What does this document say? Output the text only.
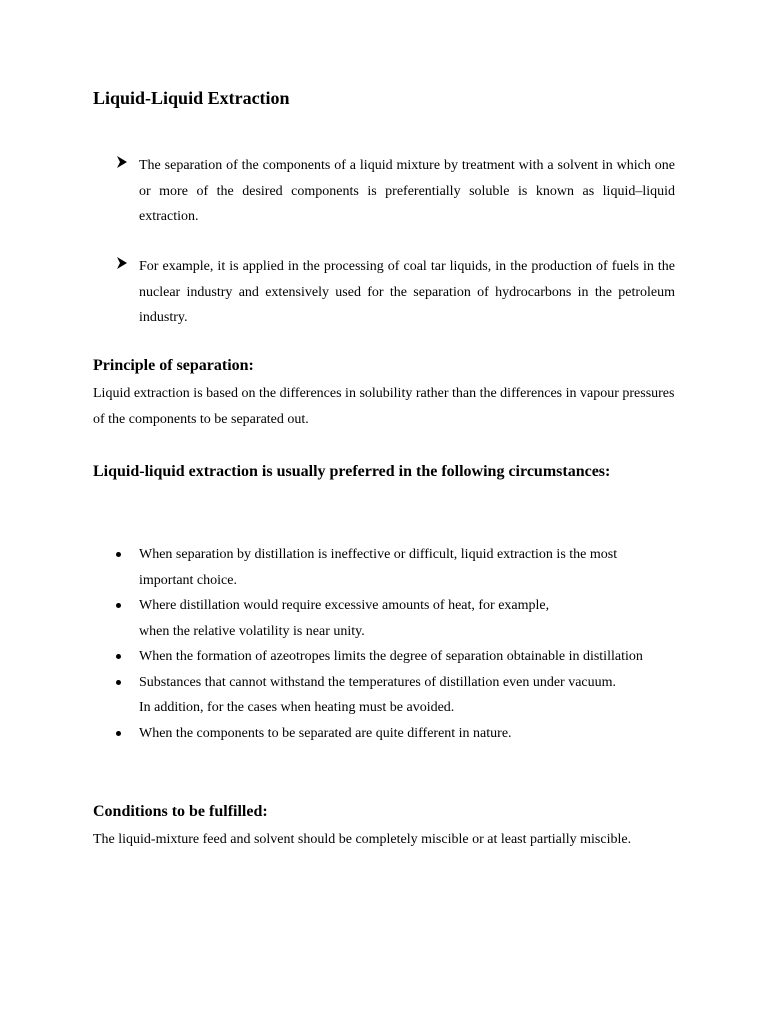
Liquid-Liquid Extraction
The separation of the components of a liquid mixture by treatment with a solvent in which one or more of the desired components is preferentially soluble is known as liquid–liquid extraction.
For example, it is applied in the processing of coal tar liquids, in the production of fuels in the nuclear industry and extensively used for the separation of hydrocarbons in the petroleum industry.
Principle of separation:

Liquid extraction is based on the differences in solubility rather than the differences in vapour pressures of the components to be separated out.

Liquid-liquid extraction is usually preferred in the following circumstances:
When separation by distillation is ineffective or difficult, liquid extraction is the most important choice.
Where distillation would require excessive amounts of heat, for example,
when the relative volatility is near unity.
When the formation of azeotropes limits the degree of separation obtainable in distillation
Substances that cannot withstand the temperatures of distillation even under vacuum.
In addition, for the cases when heating must be avoided.
When the components to be separated are quite different in nature.
Conditions to be fulfilled:

The liquid-mixture feed and solvent should be completely miscible or at least partially miscible.
